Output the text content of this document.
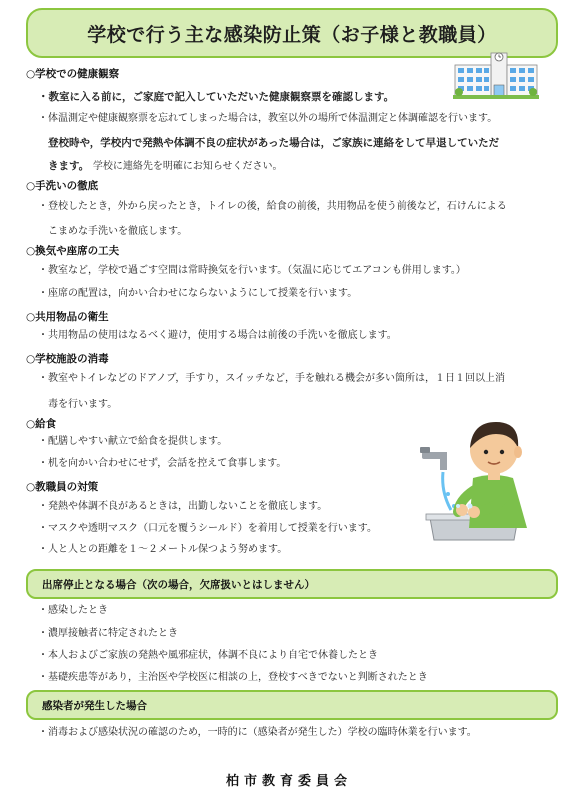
学校で行う主な感染防止策（お子様と教職員）
○学校での健康観察
・教室に入る前に，ご家庭で記入していただいた健康観察票を確認します。
・体温測定や健康観察票を忘れてしまった場合は，教室以外の場所で体温測定と体調確認を行います。
登校時や，学校内で発熱や体調不良の症状があった場合は，ご家族に連絡をして早退していただ
きます。 学校に連絡先を明確にお知らせください。
○手洗いの徹底
・登校したとき，外から戻ったとき，トイレの後，給食の前後，共用物品を使う前後など，石けんによる
こまめな手洗いを徹底します。
○換気や座席の工夫
・教室など，学校で過ごす空間は常時換気を行います。（気温に応じてエアコンも併用します。）
・座席の配置は，向かい合わせにならないようにして授業を行います。
○共用物品の衛生
・共用物品の使用はなるべく避け，使用する場合は前後の手洗いを徹底します。
○学校施設の消毒
・教室やトイレなどのドアノブ，手すり，スイッチなど，手を触れる機会が多い箇所は，１日１回以上消
毒を行います。
○給食
・配膳しやすい献立で給食を提供します。
・机を向かい合わせにせず，会話を控えて食事します。
○教職員の対策
・発熱や体調不良があるときは，出勤しないことを徹底します。
・マスクや透明マスク（口元を覆うシールド）を着用して授業を行います。
・人と人との距離を１～２メートル保つよう努めます。
出席停止となる場合（次の場合，欠席扱いとはしません）
・感染したとき
・濃厚接触者に特定されたとき
・本人およびご家族の発熱や風邪症状，体調不良により自宅で休養したとき
・基礎疾患等があり，主治医や学校医に相談の上，登校すべきでないと判断されたとき
感染者が発生した場合
・消毒および感染状況の確認のため，一時的に（感染者が発生した）学校の臨時休業を行います。
柏市教育委員会
